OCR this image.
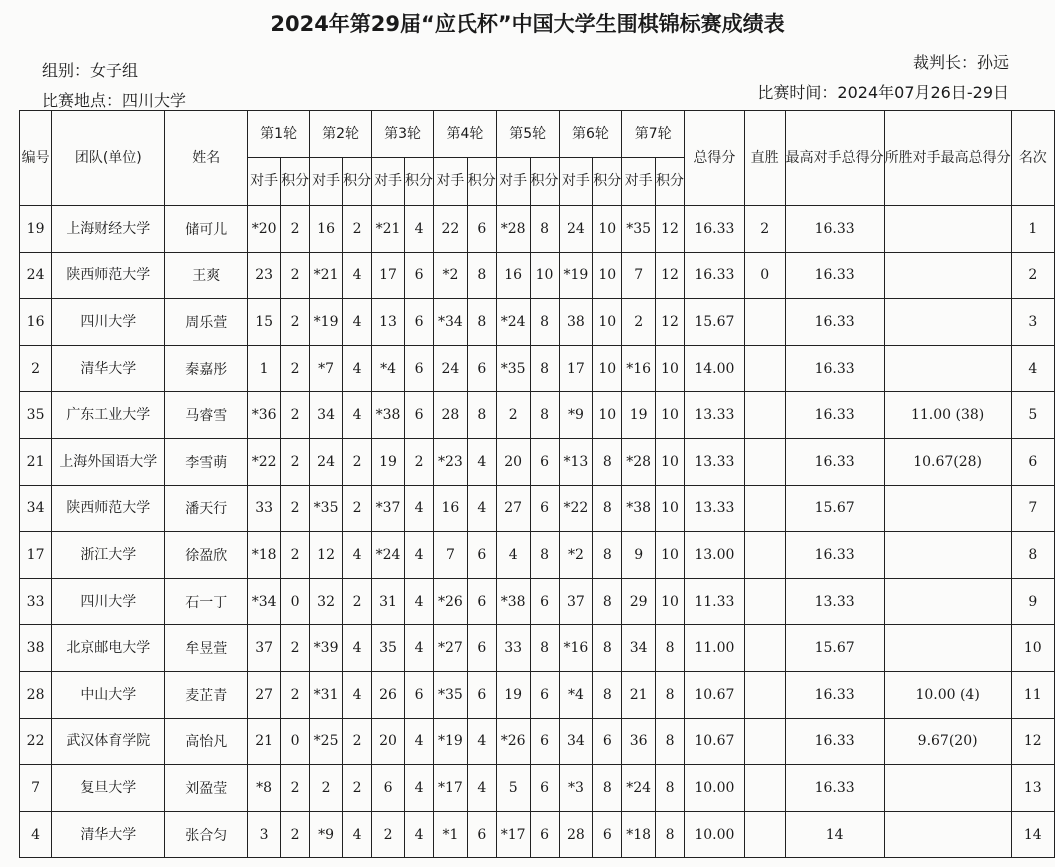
2024年第29届“应氏杯”中国大学生围棋锦标赛成绩表
组别：女子组
比赛地点：四川大学
裁判长：孙远
比赛时间：2024年07月26日-29日
编号	团队(单位)	姓名	第1轮		第2轮		第3轮		第4轮		第5轮		第6轮		第7轮		总得分	直胜	最高对手总得分	所胜对手最高总得分	名次
			对手	积分	对手	积分	对手	积分	对手	积分	对手	积分	对手	积分	对手	积分					
19	上海财经大学	储可儿	*20	2	16	2	*21	4	22	6	*28	8	24	10	*35	12	16.33	2	16.33		1
24	陕西师范大学	王爽	23	2	*21	4	17	6	*2	8	16	10	*19	10	7	12	16.33	0	16.33		2
16	四川大学	周乐萱	15	2	*19	4	13	6	*34	8	*24	8	38	10	2	12	15.67		16.33		3
2	清华大学	秦嘉彤	1	2	*7	4	*4	6	24	6	*35	8	17	10	*16	10	14.00		16.33		4
35	广东工业大学	马睿雪	*36	2	34	4	*38	6	28	8	2	8	*9	10	19	10	13.33		16.33	11.00 (38)	5
21	上海外国语大学	李雪萌	*22	2	24	2	19	2	*23	4	20	6	*13	8	*28	10	13.33		16.33	10.67(28)	6
34	陕西师范大学	潘天行	33	2	*35	2	*37	4	16	4	27	6	*22	8	*38	10	13.33		15.67		7
17	浙江大学	徐盈欣	*18	2	12	4	*24	4	7	6	4	8	*2	8	9	10	13.00		16.33		8
33	四川大学	石一丁	*34	0	32	2	31	4	*26	6	*38	6	37	8	29	10	11.33		13.33		9
38	北京邮电大学	牟昱萱	37	2	*39	4	35	4	*27	6	33	8	*16	8	34	8	11.00		15.67		10
28	中山大学	麦芷青	27	2	*31	4	26	6	*35	6	19	6	*4	8	21	8	10.67		16.33	10.00 (4)	11
22	武汉体育学院	高怡凡	21	0	*25	2	20	4	*19	4	*26	6	34	6	36	8	10.67		16.33	9.67(20)	12
7	复旦大学	刘盈莹	*8	2	2	2	6	4	*17	4	5	6	*3	8	*24	8	10.00		16.33		13
4	清华大学	张合匀	3	2	*9	4	2	4	*1	6	*17	6	28	6	*18	8	10.00		14		14
